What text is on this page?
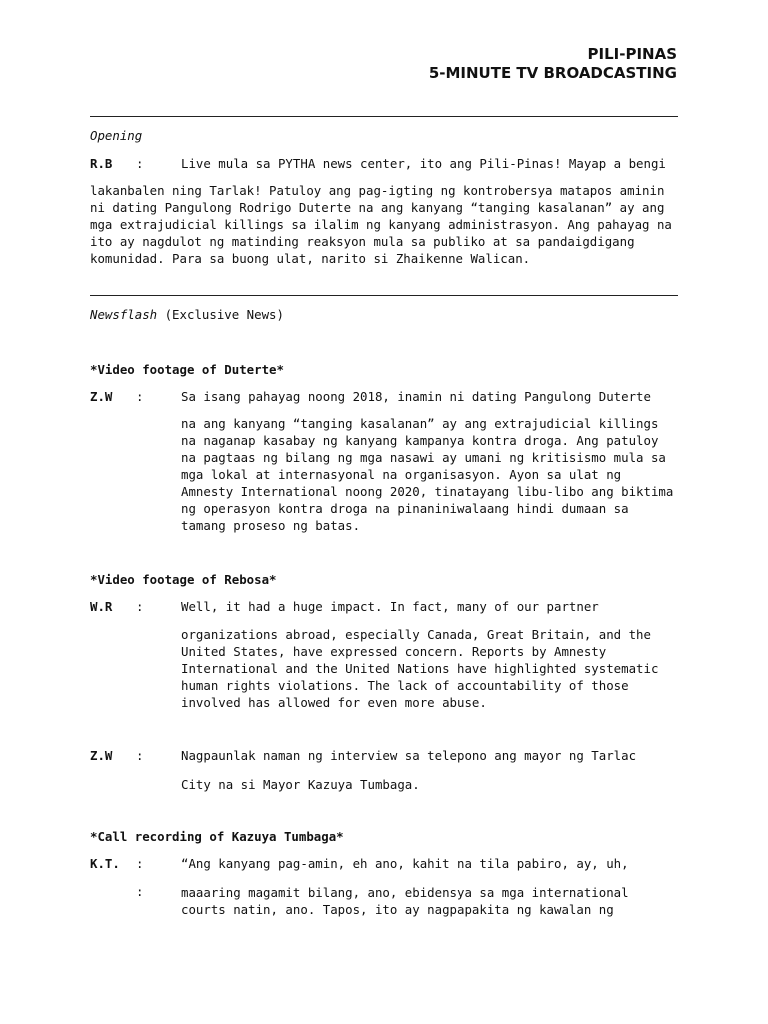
PILI-PINAS
5-MINUTE TV BROADCASTING
Opening
R.B :	Live mula sa PYTHA news center, ito ang Pili-Pinas! Mayap a bengi
lakanbalen ning Tarlak! Patuloy ang pag-igting ng kontrobersya matapos aminin
ni dating Pangulong Rodrigo Duterte na ang kanyang “tanging kasalanan” ay ang
mga extrajudicial killings sa ilalim ng kanyang administrasyon. Ang pahayag na
ito ay nagdulot ng matinding reaksyon mula sa publiko at sa pandaigdigang
komunidad. Para sa buong ulat, narito si Zhaikenne Walican.
Newsflash (Exclusive News)
*Video footage of Duterte*
Z.W :	Sa isang pahayag noong 2018, inamin ni dating Pangulong Duterte
na ang kanyang “tanging kasalanan” ay ang extrajudicial killings
na naganap kasabay ng kanyang kampanya kontra droga. Ang patuloy
na pagtaas ng bilang ng mga nasawi ay umani ng kritisismo mula sa
mga lokal at internasyonal na organisasyon. Ayon sa ulat ng
Amnesty International noong 2020, tinatayang libu-libo ang biktima
ng operasyon kontra droga na pinaniniwalaang hindi dumaan sa
tamang proseso ng batas.
*Video footage of Rebosa*
W.R :	Well, it had a huge impact. In fact, many of our partner
organizations abroad, especially Canada, Great Britain, and the
United States, have expressed concern. Reports by Amnesty
International and the United Nations have highlighted systematic
human rights violations. The lack of accountability of those
involved has allowed for even more abuse.
Z.W :	Nagpaunlak naman ng interview sa telepono ang mayor ng Tarlac
City na si Mayor Kazuya Tumbaga.
*Call recording of Kazuya Tumbaga*
K.T. :	“Ang kanyang pag-amin, eh ano, kahit na tila pabiro, ay, uh,
:	maaaring magamit bilang, ano, ebidensya sa mga international
courts natin, ano. Tapos, ito ay nagpapakita ng kawalan ng
